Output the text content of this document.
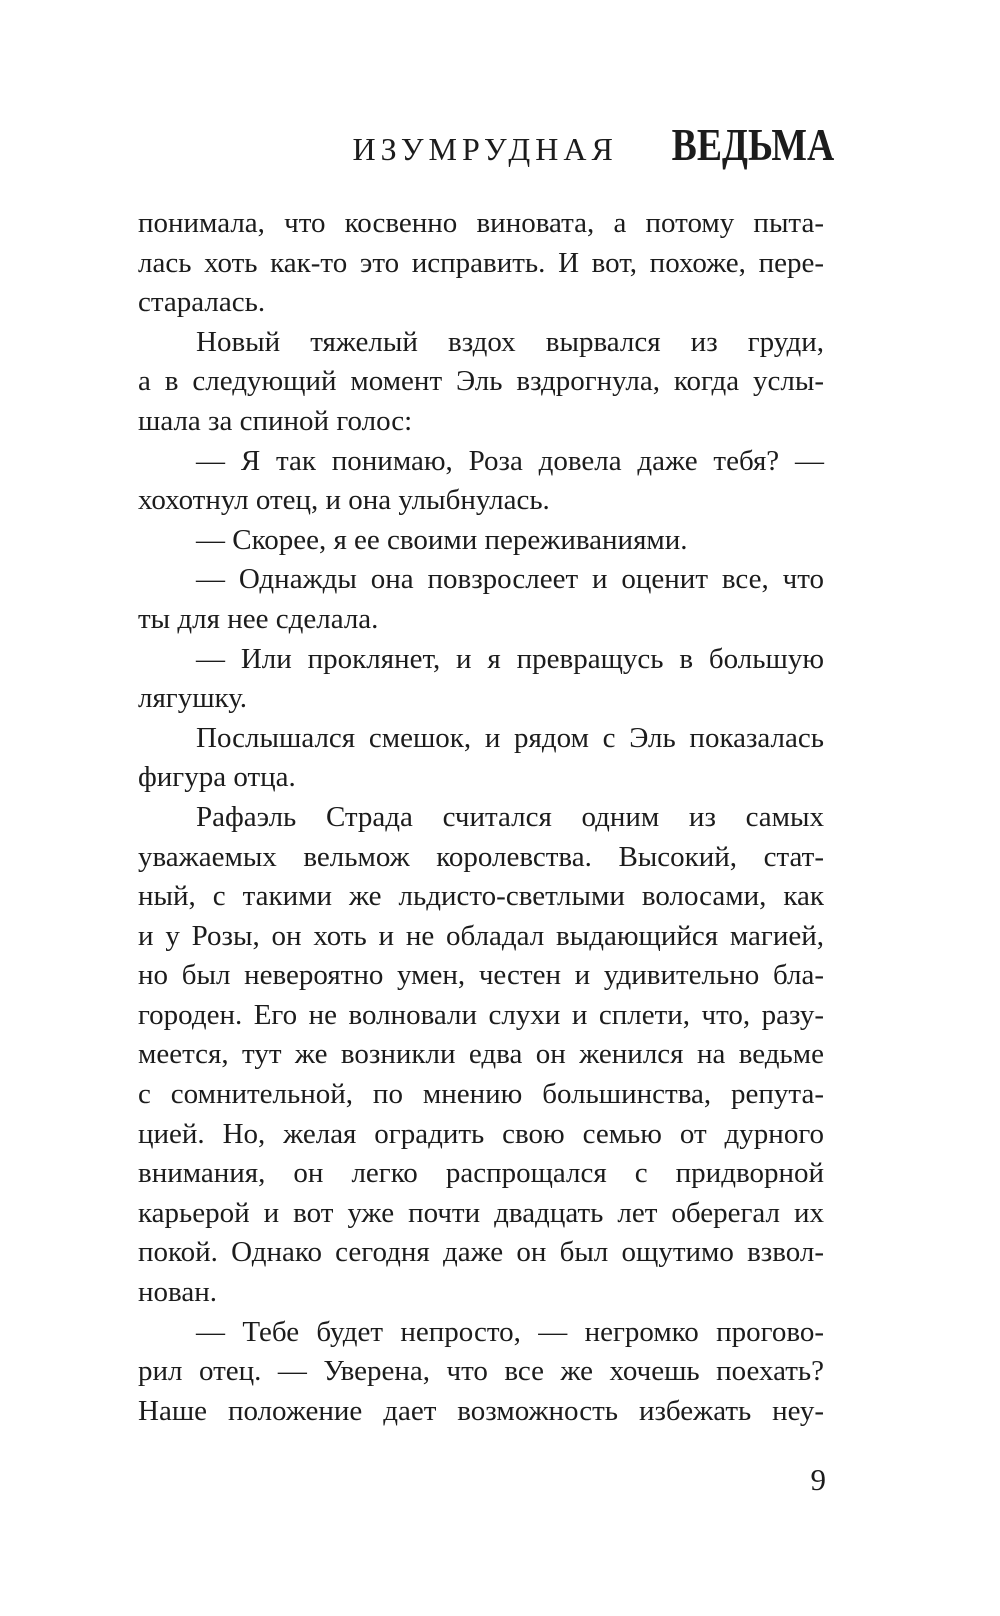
ИЗУМРУДНАЯ ВЕДЬМА
понимала, что косвенно виновата, а потому пыта-
лась хоть как-то это исправить. И вот, похоже, пере-
старалась.
Новый тяжелый вздох вырвался из груди,
а в следующий момент Эль вздрогнула, когда услы-
шала за спиной голос:
— Я так понимаю, Роза довела даже тебя? —
хохотнул отец, и она улыбнулась.
— Скорее, я ее своими переживаниями.
— Однажды она повзрослеет и оценит все, что
ты для нее сделала.
— Или проклянет, и я превращусь в большую
лягушку.
Послышался смешок, и рядом с Эль показалась
фигура отца.
Рафаэль Страда считался одним из самых
уважаемых вельмож королевства. Высокий, стат-
ный, с такими же льдисто-светлыми волосами, как
и у Розы, он хоть и не обладал выдающийся магией,
но был невероятно умен, честен и удивительно бла-
городен. Его не волновали слухи и сплети, что, разу-
меется, тут же возникли едва он женился на ведьме
с сомнительной, по мнению большинства, репута-
цией. Но, желая оградить свою семью от дурного
внимания, он легко распрощался с придворной
карьерой и вот уже почти двадцать лет оберегал их
покой. Однако сегодня даже он был ощутимо взвол-
нован.
— Тебе будет непросто, — негромко прогово-
рил отец. — Уверена, что все же хочешь поехать?
Наше положение дает возможность избежать неу-
9
